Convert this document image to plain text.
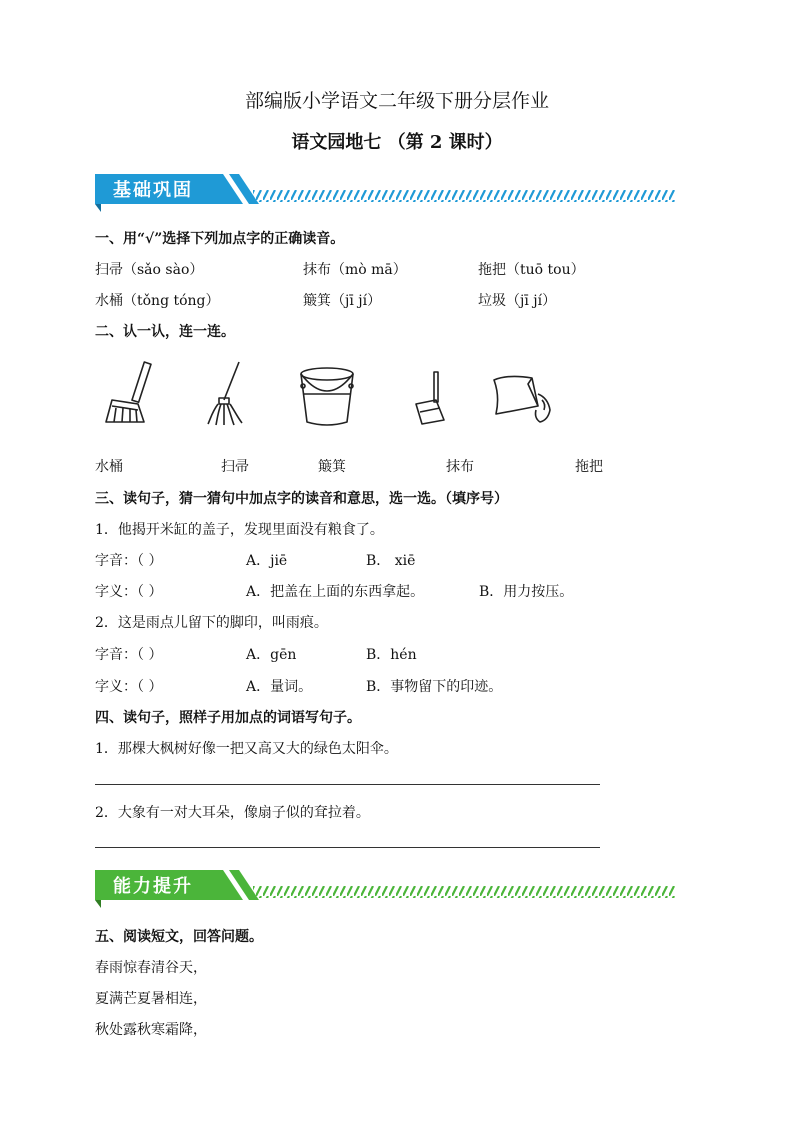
部编版小学语文二年级下册分层作业
语文园地七 （第 2 课时）
基础巩固
一、用“√”选择下列加点字的正确读音。
扫帚（sǎo sào）	抹布（mò mā）	拖把（tuō tou）
水桶（tǒng tóng）	簸箕（jī jí）	垃圾（jī jí）
二、认一认，连一连。
水桶	扫帚	簸箕	抹布	拖把
三、读句子，猜一猜句中加点字的读音和意思，选一选。（填序号）
1．他揭开米缸的盖子，发现里面没有粮食了。
字音：（ ）	A．jiē	B． xiē
字义：（ ）	A．把盖在上面的东西拿起。	B．用力按压。
2．这是雨点儿留下的脚印，叫雨痕。
字音：（ ）	A．gēn	B．hén
字义：（ ）	A．量词。	B．事物留下的印迹。
四、读句子，照样子用加点的词语写句子。
1．那棵大枫树好像一把又高又大的绿色太阳伞。
2．大象有一对大耳朵，像扇子似的耷拉着。
能力提升
五、阅读短文，回答问题。
春雨惊春清谷天，
夏满芒夏暑相连，
秋处露秋寒霜降，
